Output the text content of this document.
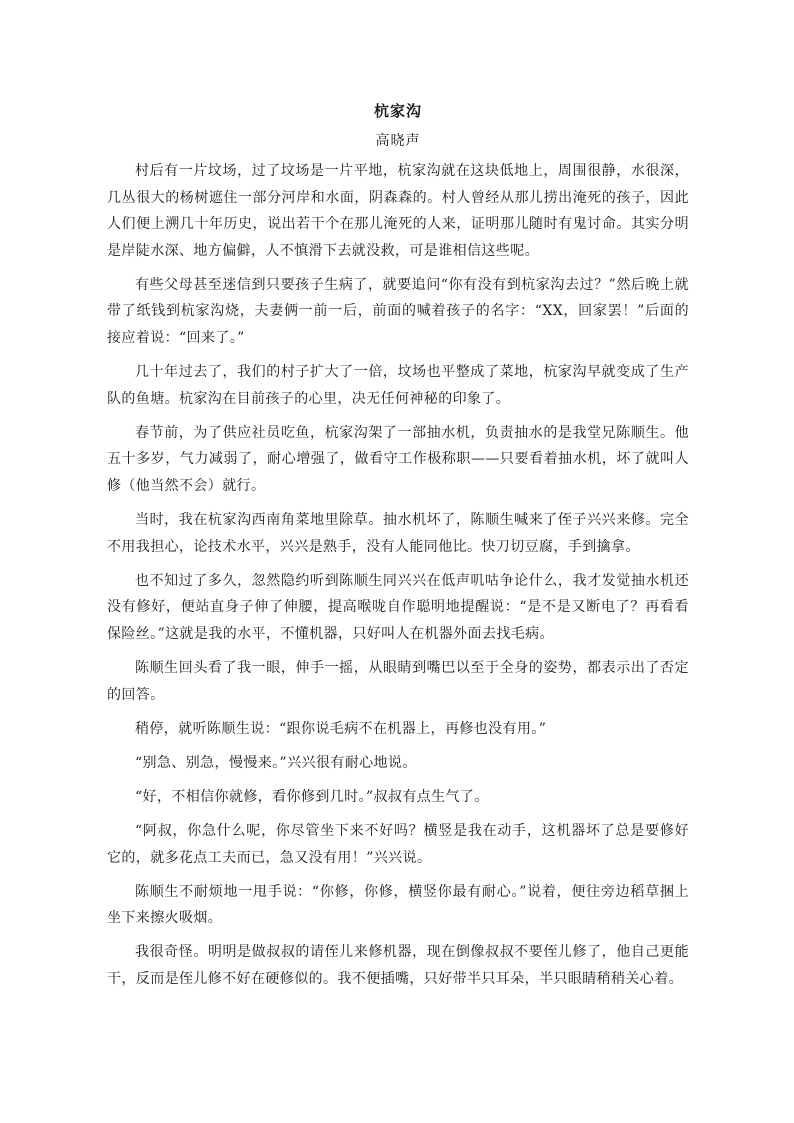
杭家沟
高晓声

村后有一片坟场，过了坟场是一片平地，杭家沟就在这块低地上，周围很静，水很深，几丛很大的杨树遮住一部分河岸和水面，阴森森的。村人曾经从那儿捞出淹死的孩子，因此人们便上溯几十年历史，说出若干个在那儿淹死的人来，证明那儿随时有鬼讨命。其实分明是岸陡水深、地方偏僻，人不慎滑下去就没救，可是谁相信这些呢。

有些父母甚至迷信到只要孩子生病了，就要追问“你有没有到杭家沟去过？”然后晚上就带了纸钱到杭家沟烧，夫妻俩一前一后，前面的喊着孩子的名字：“XX，回家罢！”后面的接应着说：“回来了。”

几十年过去了，我们的村子扩大了一倍，坟场也平整成了菜地，杭家沟早就变成了生产队的鱼塘。杭家沟在目前孩子的心里，决无任何神秘的印象了。

春节前，为了供应社员吃鱼，杭家沟架了一部抽水机，负责抽水的是我堂兄陈顺生。他五十多岁，气力减弱了，耐心增强了，做看守工作极称职——只要看着抽水机，坏了就叫人修（他当然不会）就行。

当时，我在杭家沟西南角菜地里除草。抽水机坏了，陈顺生喊来了侄子兴兴来修。完全不用我担心，论技术水平，兴兴是熟手，没有人能同他比。快刀切豆腐，手到擒拿。

也不知过了多久，忽然隐约听到陈顺生同兴兴在低声叽咕争论什么，我才发觉抽水机还没有修好，便站直身子伸了伸腰，提高喉咙自作聪明地提醒说：“是不是又断电了？再看看保险丝。”这就是我的水平，不懂机器，只好叫人在机器外面去找毛病。

陈顺生回头看了我一眼，伸手一摇，从眼睛到嘴巴以至于全身的姿势，都表示出了否定的回答。

稍停，就听陈顺生说：“跟你说毛病不在机器上，再修也没有用。”

“别急、别急，慢慢来。”兴兴很有耐心地说。

“好，不相信你就修，看你修到几时。”叔叔有点生气了。

“阿叔，你急什么呢，你尽管坐下来不好吗？横竖是我在动手，这机器坏了总是要修好它的，就多花点工夫而已，急又没有用！”兴兴说。

陈顺生不耐烦地一甩手说：“你修，你修，横竖你最有耐心。”说着，便往旁边稻草捆上坐下来擦火吸烟。

我很奇怪。明明是做叔叔的请侄儿来修机器，现在倒像叔叔不要侄儿修了，他自己更能干，反而是侄儿修不好在硬修似的。我不便插嘴，只好带半只耳朵，半只眼睛稍稍关心着。
